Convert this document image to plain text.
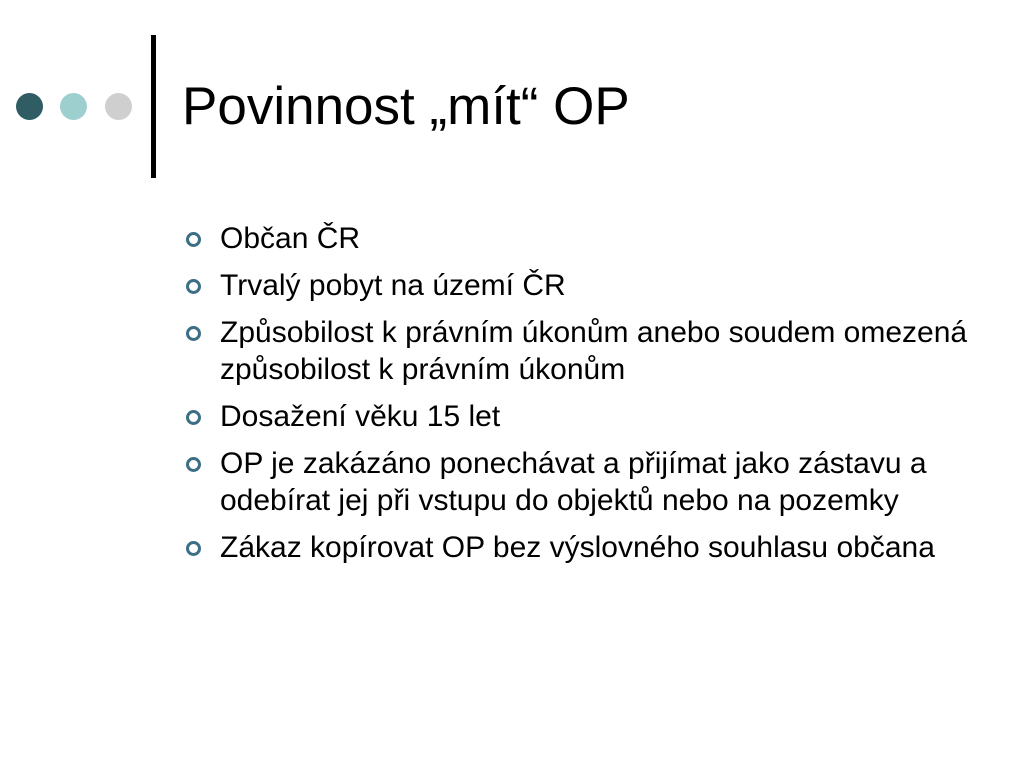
Povinnost „mít“ OP
Občan ČR
Trvalý pobyt na území ČR
Způsobilost k právním úkonům anebo soudem omezená způsobilost k právním úkonům
Dosažení věku 15 let
OP je zakázáno ponechávat a přijímat jako zástavu a odebírat jej při vstupu do objektů nebo na pozemky
Zákaz kopírovat OP bez výslovného souhlasu občana
